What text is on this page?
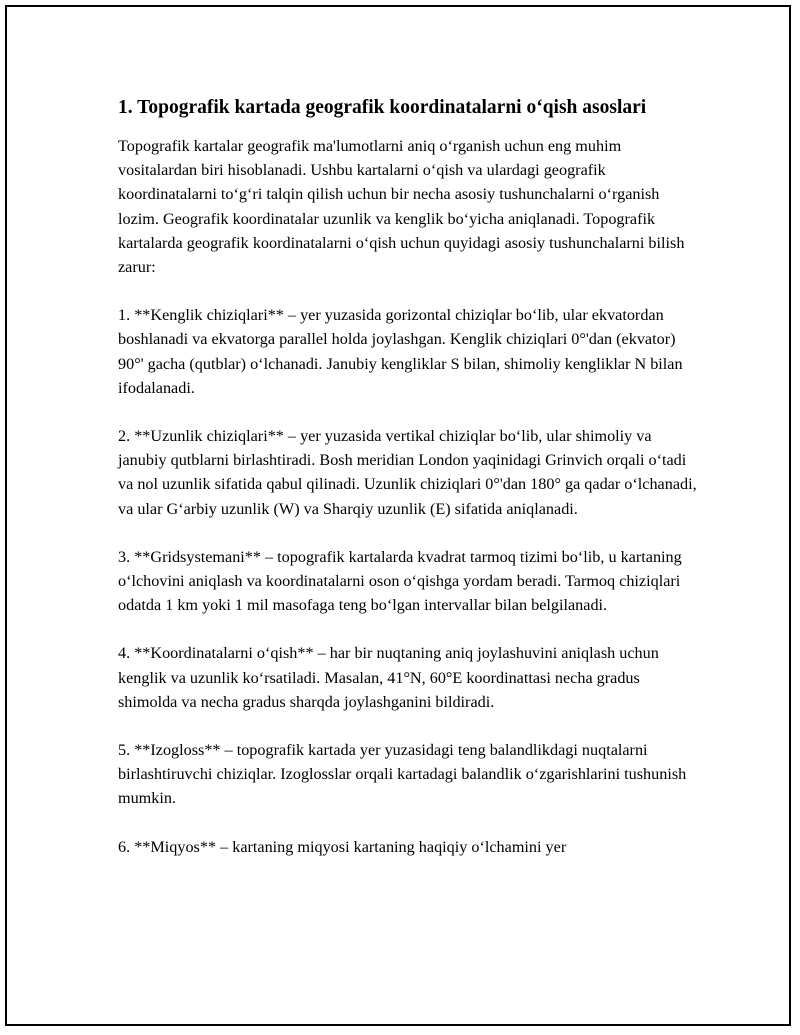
1. Topografik kartada geografik koordinatalarni o‘qish asoslari

Topografik kartalar geografik ma'lumotlarni aniq o‘rganish uchun eng muhim vositalardan biri hisoblanadi. Ushbu kartalarni o‘qish va ulardagi geografik koordinatalarni to‘g‘ri talqin qilish uchun bir necha asosiy tushunchalarni o‘rganish lozim. Geografik koordinatalar uzunlik va kenglik bo‘yicha aniqlanadi. Topografik kartalarda geografik koordinatalarni o‘qish uchun quyidagi asosiy tushunchalarni bilish zarur:

1. **Kenglik chiziqlari** – yer yuzasida gorizontal chiziqlar bo‘lib, ular ekvatordan boshlanadi va ekvatorga parallel holda joylashgan. Kenglik chiziqlari 0°'dan (ekvator) 90°' gacha (qutblar) o‘lchanadi. Janubiy kengliklar S bilan, shimoliy kengliklar N bilan ifodalanadi.

2. **Uzunlik chiziqlari** – yer yuzasida vertikal chiziqlar bo‘lib, ular shimoliy va janubiy qutblarni birlashtiradi. Bosh meridian London yaqinidagi Grinvich orqali o‘tadi va nol uzunlik sifatida qabul qilinadi. Uzunlik chiziqlari 0°'dan 180° ga qadar o‘lchanadi, va ular G‘arbiy uzunlik (W) va Sharqiy uzunlik (E) sifatida aniqlanadi.

3. **Gridsystemani** – topografik kartalarda kvadrat tarmoq tizimi bo‘lib, u kartaning o‘lchovini aniqlash va koordinatalarni oson o‘qishga yordam beradi. Tarmoq chiziqlari odatda 1 km yoki 1 mil masofaga teng bo‘lgan intervallar bilan belgilanadi.

4. **Koordinatalarni o‘qish** – har bir nuqtaning aniq joylashuvini aniqlash uchun kenglik va uzunlik ko‘rsatiladi. Masalan, 41°N, 60°E koordinattasi necha gradus shimolda va necha gradus sharqda joylashganini bildiradi.

5. **Izogloss** – topografik kartada yer yuzasidagi teng balandlikdagi nuqtalarni birlashtiruvchi chiziqlar. Izoglosslar orqali kartadagi balandlik o‘zgarishlarini tushunish mumkin.

6. **Miqyos** – kartaning miqyosi kartaning haqiqiy o‘lchamini yer
